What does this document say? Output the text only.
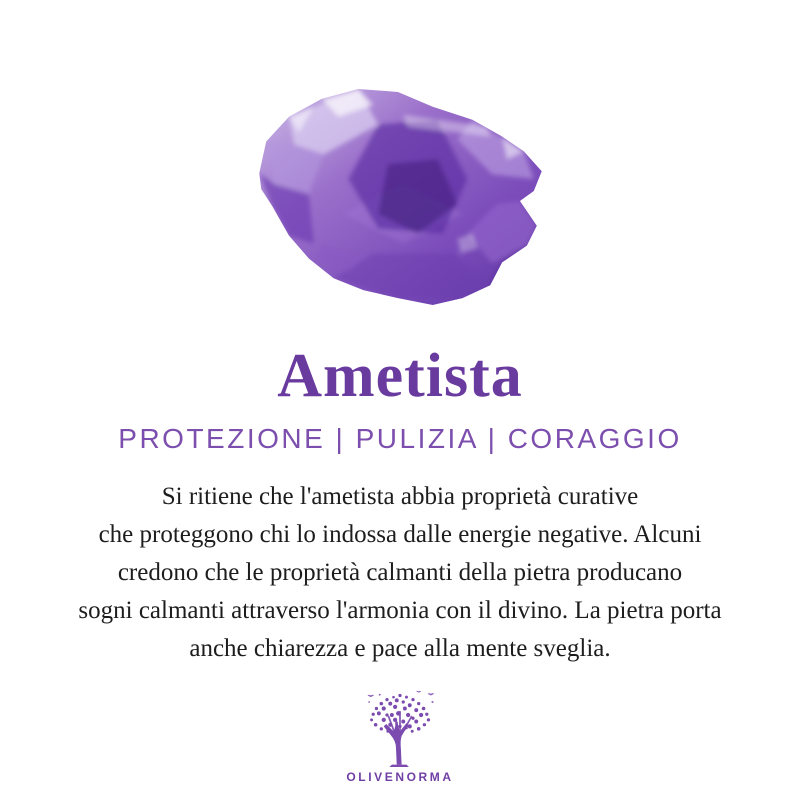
Ametista
PROTEZIONE | PULIZIA | CORAGGIO
Si ritiene che l'ametista abbia proprietà curative
che proteggono chi lo indossa dalle energie negative. Alcuni
credono che le proprietà calmanti della pietra producano
sogni calmanti attraverso l'armonia con il divino. La pietra porta
anche chiarezza e pace alla mente sveglia.
OLIVENORMA
